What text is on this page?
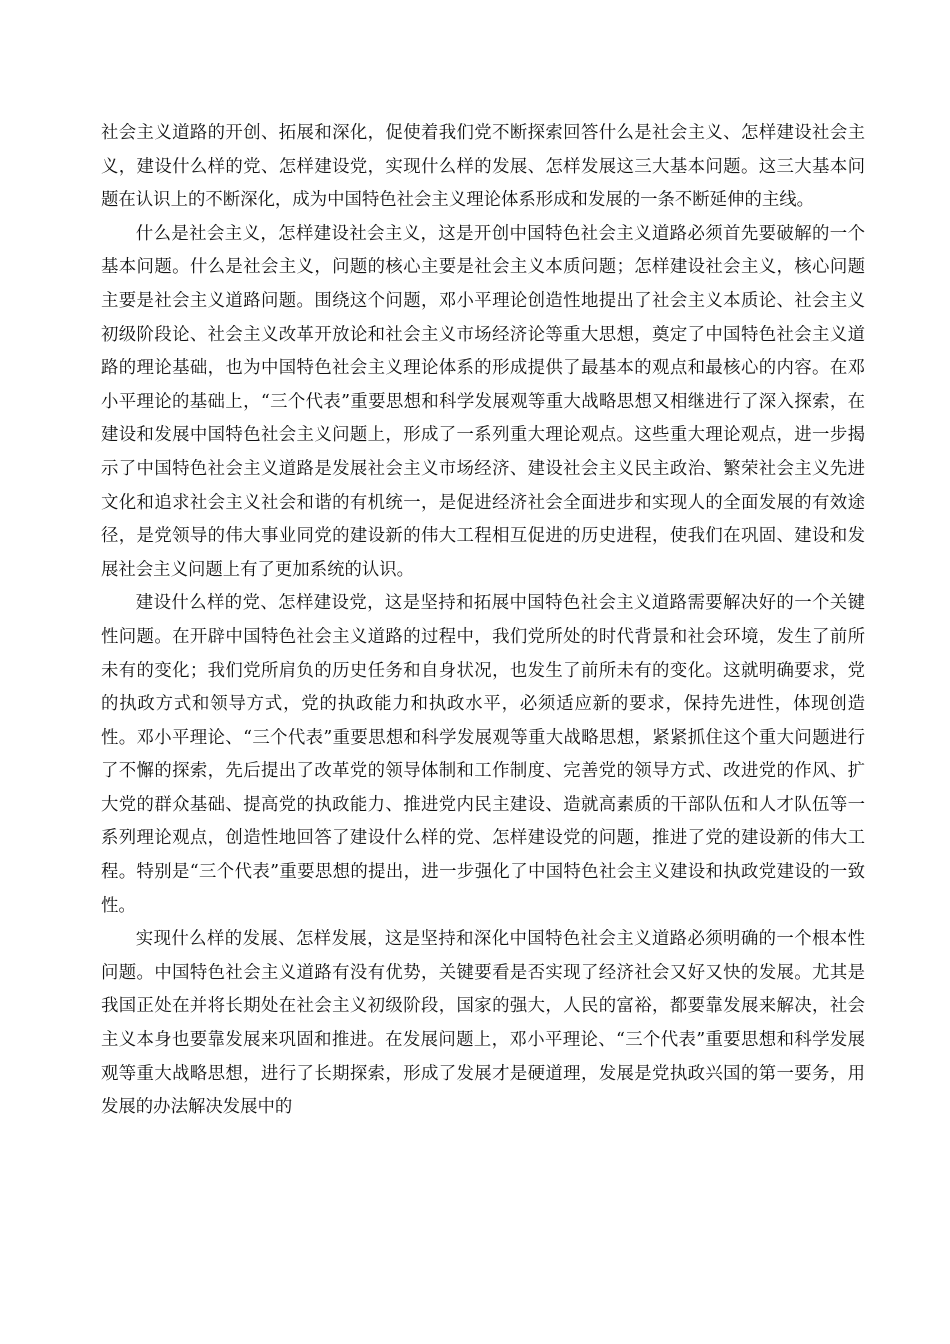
社会主义道路的开创、拓展和深化，促使着我们党不断探索回答什么是社会主义、怎样建设社会主义，建设什么样的党、怎样建设党，实现什么样的发展、怎样发展这三大基本问题。这三大基本问题在认识上的不断深化，成为中国特色社会主义理论体系形成和发展的一条不断延伸的主线。

什么是社会主义，怎样建设社会主义，这是开创中国特色社会主义道路必须首先要破解的一个基本问题。什么是社会主义，问题的核心主要是社会主义本质问题；怎样建设社会主义，核心问题主要是社会主义道路问题。围绕这个问题，邓小平理论创造性地提出了社会主义本质论、社会主义初级阶段论、社会主义改革开放论和社会主义市场经济论等重大思想，奠定了中国特色社会主义道路的理论基础，也为中国特色社会主义理论体系的形成提供了最基本的观点和最核心的内容。在邓小平理论的基础上，“三个代表”重要思想和科学发展观等重大战略思想又相继进行了深入探索，在建设和发展中国特色社会主义问题上，形成了一系列重大理论观点。这些重大理论观点，进一步揭示了中国特色社会主义道路是发展社会主义市场经济、建设社会主义民主政治、繁荣社会主义先进文化和追求社会主义社会和谐的有机统一，是促进经济社会全面进步和实现人的全面发展的有效途径，是党领导的伟大事业同党的建设新的伟大工程相互促进的历史进程，使我们在巩固、建设和发展社会主义问题上有了更加系统的认识。

建设什么样的党、怎样建设党，这是坚持和拓展中国特色社会主义道路需要解决好的一个关键性问题。在开辟中国特色社会主义道路的过程中，我们党所处的时代背景和社会环境，发生了前所未有的变化；我们党所肩负的历史任务和自身状况，也发生了前所未有的变化。这就明确要求，党的执政方式和领导方式，党的执政能力和执政水平，必须适应新的要求，保持先进性，体现创造性。邓小平理论、“三个代表”重要思想和科学发展观等重大战略思想，紧紧抓住这个重大问题进行了不懈的探索，先后提出了改革党的领导体制和工作制度、完善党的领导方式、改进党的作风、扩大党的群众基础、提高党的执政能力、推进党内民主建设、造就高素质的干部队伍和人才队伍等一系列理论观点，创造性地回答了建设什么样的党、怎样建设党的问题，推进了党的建设新的伟大工程。特别是“三个代表”重要思想的提出，进一步强化了中国特色社会主义建设和执政党建设的一致性。

实现什么样的发展、怎样发展，这是坚持和深化中国特色社会主义道路必须明确的一个根本性问题。中国特色社会主义道路有没有优势，关键要看是否实现了经济社会又好又快的发展。尤其是我国正处在并将长期处在社会主义初级阶段，国家的强大，人民的富裕，都要靠发展来解决，社会主义本身也要靠发展来巩固和推进。在发展问题上，邓小平理论、“三个代表”重要思想和科学发展观等重大战略思想，进行了长期探索，形成了发展才是硬道理，发展是党执政兴国的第一要务，用发展的办法解决发展中的
